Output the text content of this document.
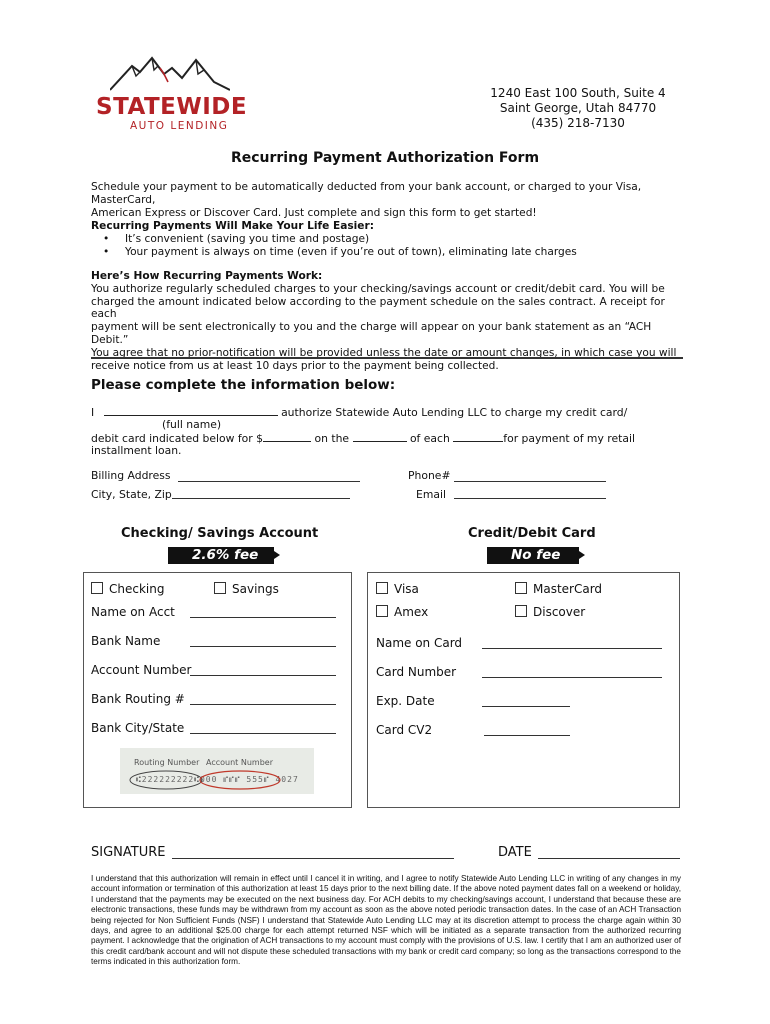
STATEWIDE
AUTO LENDING
1240 East 100 South, Suite 4
Saint George, Utah 84770
(435) 218-7130
Recurring Payment Authorization Form
Schedule your payment to be automatically deducted from your bank account, or charged to your Visa, MasterCard,
American Express or Discover Card. Just complete and sign this form to get started!
Recurring Payments Will Make Your Life Easier:
• It’s convenient (saving you time and postage)
• Your payment is always on time (even if you’re out of town), eliminating late charges
Here’s How Recurring Payments Work:
You authorize regularly scheduled charges to your checking/savings account or credit/debit card. You will be
charged the amount indicated below according to the payment schedule on the sales contract. A receipt for each
payment will be sent electronically to you and the charge will appear on your bank statement as an “ACH Debit.”
You agree that no prior-notification will be provided unless the date or amount changes, in which case you will
receive notice from us at least 10 days prior to the payment being collected.
Please complete the information below:
I	authorize Statewide Auto Lending LLC to charge my credit card/
(full name)
debit card indicated below for $	on the	of each	for payment of my retail
installment loan.
Billing Address	Phone#
City, State, Zip	Email
Checking/ Savings Account
2.6% fee
Credit/Debit Card
No fee
Checking	Savings
Name on Acct
Bank Name
Account Number
Bank Routing #
Bank City/State
Routing Number Account Number
⑆222222222⑆000 ⑈⑈⑈ 555⑈ 4027
Visa	MasterCard
Amex	Discover
Name on Card
Card Number
Exp. Date
Card CV2
SIGNATURE	DATE
I understand that this authorization will remain in effect until I cancel it in writing, and I agree to notify Statewide Auto Lending LLC in writing of any changes in my account information or termination of this authorization at least 15 days prior to the next billing date. If the above noted payment dates fall on a weekend or holiday, I understand that the payments may be executed on the next business day. For ACH debits to my checking/savings account, I understand that because these are electronic transactions, these funds may be withdrawn from my account as soon as the above noted periodic transaction dates. In the case of an ACH Transaction being rejected for Non Sufficient Funds (NSF) I understand that Statewide Auto Lending LLC may at its discretion attempt to process the charge again within 30 days, and agree to an additional $25.00 charge for each attempt returned NSF which will be initiated as a separate transaction from the authorized recurring payment. I acknowledge that the origination of ACH transactions to my account must comply with the provisions of U.S. law. I certify that I am an authorized user of this credit card/bank account and will not dispute these scheduled transactions with my bank or credit card company; so long as the transactions correspond to the terms indicated in this authorization form.
